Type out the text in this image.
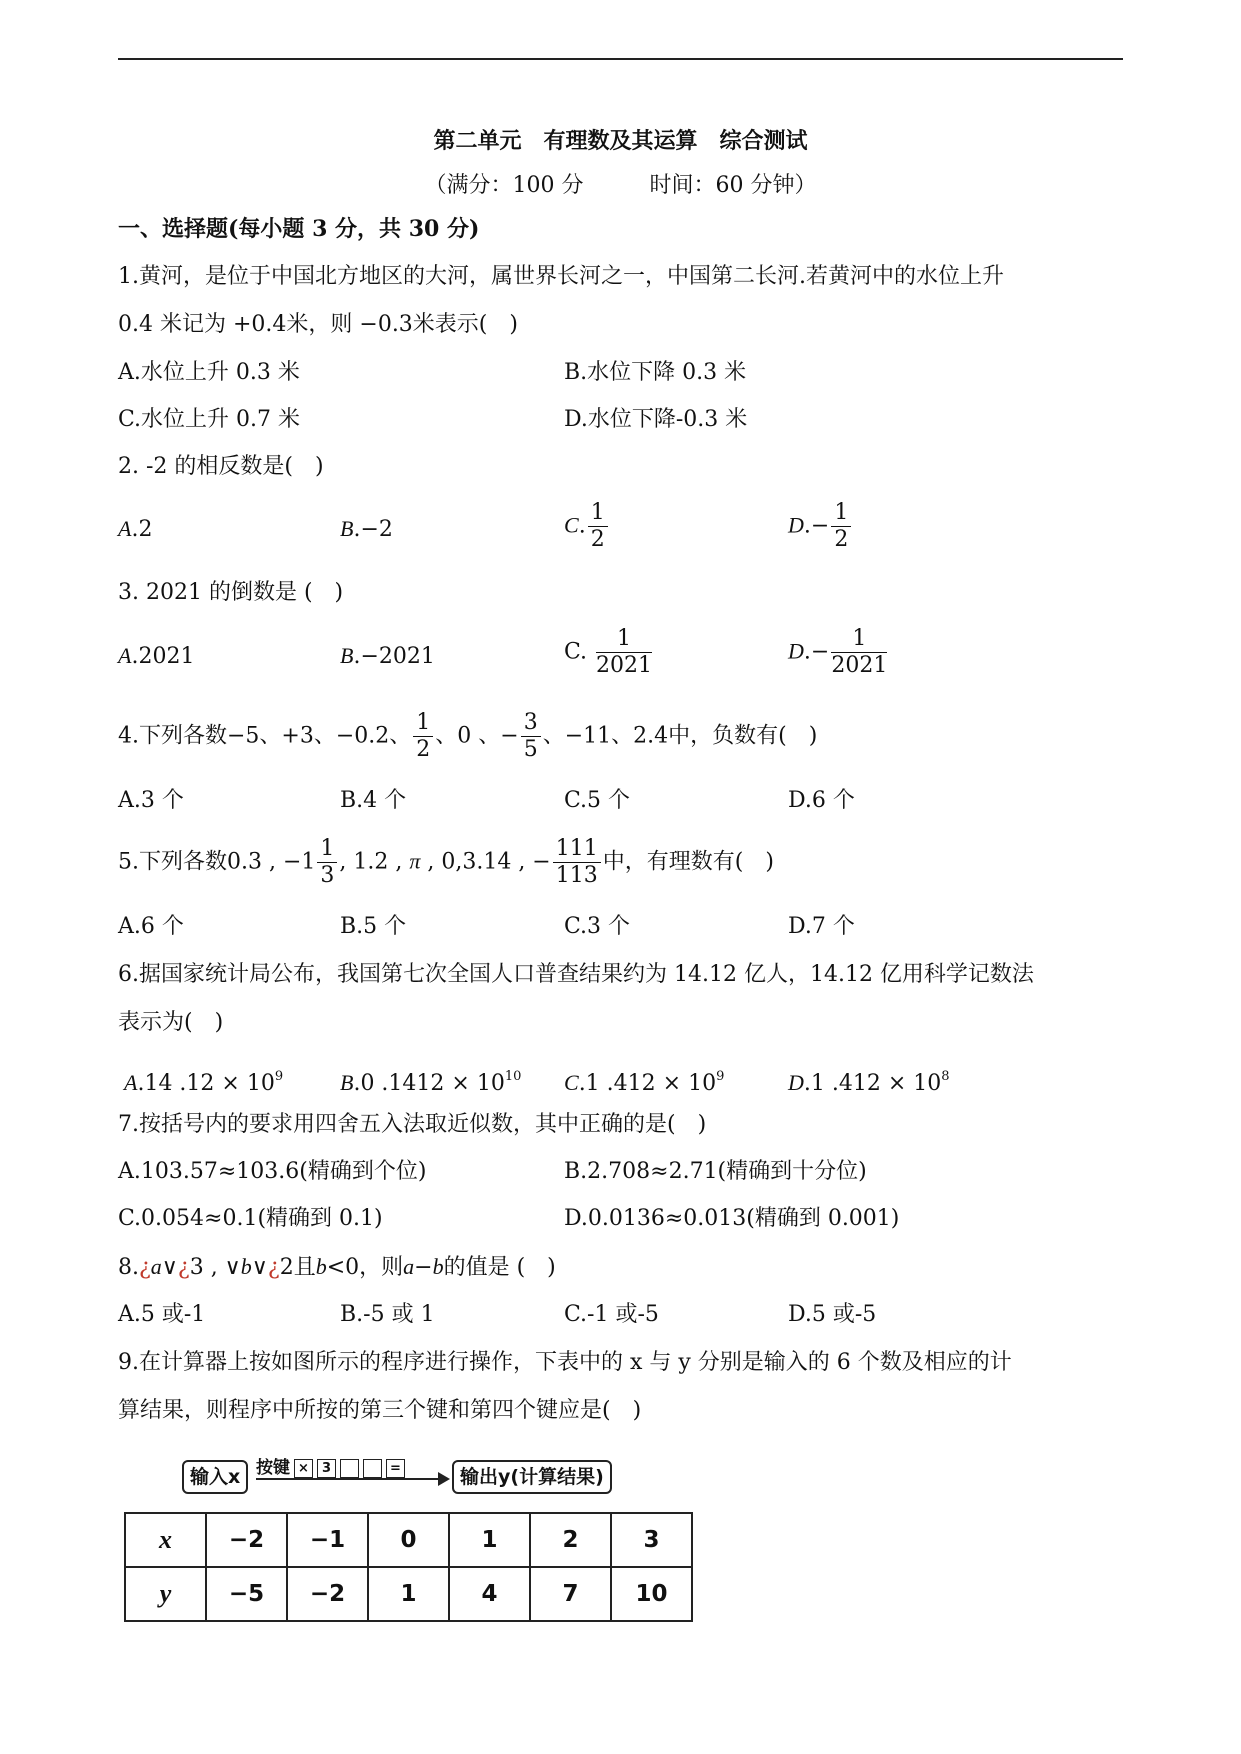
第二单元　有理数及其运算　综合测试
（满分：100 分　　　时间：60 分钟）
一、选择题(每小题 3 分，共 30 分)
1.黄河，是位于中国北方地区的大河，属世界长河之一，中国第二长河.若黄河中的水位上升
0.4 米记为 +0.4米，则 −0.3米表示(　)
A.水位上升 0.3 米	B.水位下降 0.3 米
C.水位上升 0.7 米	D.水位下降-0.3 米
2. -2 的相反数是(　)
A.2	B.−2	C. $\frac{1}{2}$	$D.- \frac{1}{2}$
3. 2021 的倒数是 (　)
A.2021	B.−2021	C. $\frac{1}{2021}$	$D.- \frac{1}{2021}$
4.下列各数−5、+3、−0.2、 $\frac{1}{2}$ 、0 、− $\frac{3}{5}$ 、−11、2.4中，负数有(　)
A.3 个	B.4 个	C.5 个	D.6 个
5.下列各数0.3 , $-1 \frac{1}{3}$ , 1.2 , π , 0,3.14 , − $\frac{111}{113}$ 中，有理数有(　)
A.6 个	B.5 个	C.3 个	D.7 个
6.据国家统计局公布，我国第七次全国人口普查结果约为 14.12 亿人，14.12 亿用科学记数法
表示为(　)
A.14 $.12 \times 10^9$	B.0 $.1412 \times 10^{10}$ C.1 $.412 \times 10^9$	D.1 $.412 \times 10^8$
7.按括号内的要求用四舍五入法取近似数，其中正确的是(　)
A.103.57≈103.6(精确到个位)	B.2.708≈2.71(精确到十分位)
C.0.054≈0.1(精确到 0.1)	D.0.0136≈0.013(精确到 0.001)
8.¿a∨¿3 , ∨b∨¿2且b<0，则a−b的值是 (　)
A.5 或-1	B.-5 或 1	C.-1 或-5	D.5 或-5
9.在计算器上按如图所示的程序进行操作，下表中的 x 与 y 分别是输入的 6 个数及相应的计
算结果，则程序中所按的第三个键和第四个键应是(　)
输入x 按键 × 3	=	输出y(计算结果)
x	−2	−1	0	1	2	3
y	−5	−2	1	4	7	10
